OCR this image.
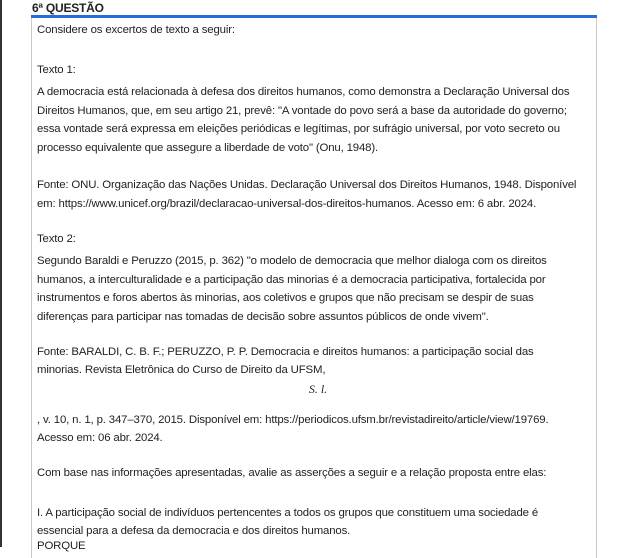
6ª QUESTÃO
Considere os excertos de texto a seguir:
Texto 1:
A democracia está relacionada à defesa dos direitos humanos, como demonstra a Declaração Universal dos
Direitos Humanos, que, em seu artigo 21, prevê: "A vontade do povo será a base da autoridade do governo;
essa vontade será expressa em eleições periódicas e legítimas, por sufrágio universal, por voto secreto ou
processo equivalente que assegure a liberdade de voto" (Onu, 1948).
Fonte: ONU. Organização das Nações Unidas. Declaração Universal dos Direitos Humanos, 1948. Disponível
em: https://www.unicef.org/brazil/declaracao-universal-dos-direitos-humanos. Acesso em: 6 abr. 2024.
Texto 2:
Segundo Baraldi e Peruzzo (2015, p. 362) "o modelo de democracia que melhor dialoga com os direitos
humanos, a interculturalidade e a participação das minorias é a democracia participativa, fortalecida por
instrumentos e foros abertos às minorias, aos coletivos e grupos que não precisam se despir de suas
diferenças para participar nas tomadas de decisão sobre assuntos públicos de onde vivem".
Fonte: BARALDI, C. B. F.; PERUZZO, P. P. Democracia e direitos humanos: a participação social das
minorias. Revista Eletrônica do Curso de Direito da UFSM,
S. l.
, v. 10, n. 1, p. 347–370, 2015. Disponível em: https://periodicos.ufsm.br/revistadireito/article/view/19769.
Acesso em: 06 abr. 2024.
Com base nas informações apresentadas, avalie as asserções a seguir e a relação proposta entre elas:
I. A participação social de indivíduos pertencentes a todos os grupos que constituem uma sociedade é
essencial para a defesa da democracia e dos direitos humanos.
PORQUE
